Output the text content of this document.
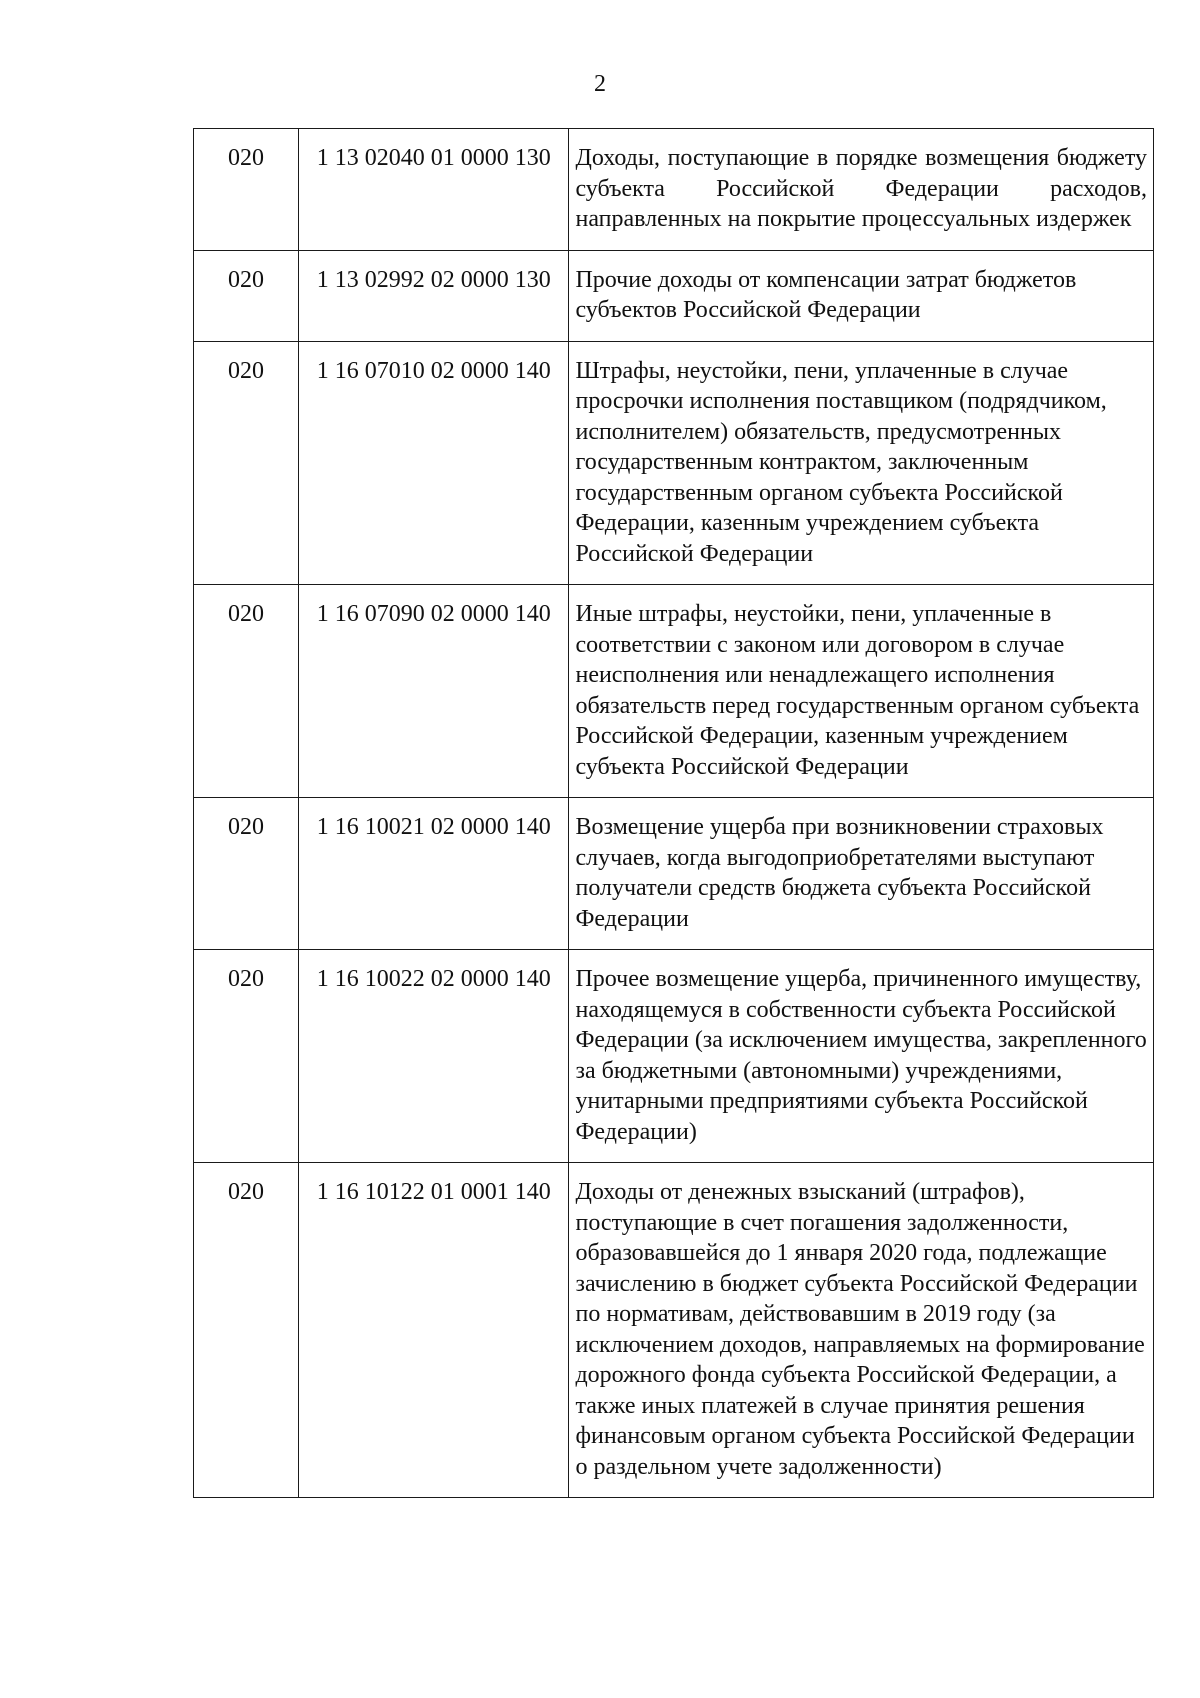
2
020	1 13 02040 01 0000 130	Доходы, поступающие в порядке возмещения бюджету субъекта Российской Федерации расходов, направленных на покрытие процессуальных издержек
020	1 13 02992 02 0000 130	Прочие доходы от компенсации затрат бюджетов субъектов Российской Федерации
020	1 16 07010 02 0000 140	Штрафы, неустойки, пени, уплаченные в случае просрочки исполнения поставщиком (подрядчиком, исполнителем) обязательств, предусмотренных государственным контрактом, заключенным государственным органом субъекта Российской Федерации, казенным учреждением субъекта Российской Федерации
020	1 16 07090 02 0000 140	Иные штрафы, неустойки, пени, уплаченные в соответствии с законом или договором в случае неисполнения или ненадлежащего исполнения обязательств перед государственным органом субъекта Российской Федерации, казенным учреждением субъекта Российской Федерации
020	1 16 10021 02 0000 140	Возмещение ущерба при возникновении страховых случаев, когда выгодоприобретателями выступают получатели средств бюджета субъекта Российской Федерации
020	1 16 10022 02 0000 140	Прочее возмещение ущерба, причиненного имуществу, находящемуся в собственности субъекта Российской Федерации (за исключением имущества, закрепленного за бюджетными (автономными) учреждениями, унитарными предприятиями субъекта Российской Федерации)
020	1 16 10122 01 0001 140	Доходы от денежных взысканий (штрафов), поступающие в счет погашения задолженности, образовавшейся до 1 января 2020 года, подлежащие зачислению в бюджет субъекта Российской Федерации по нормативам, действовавшим в 2019 году (за исключением доходов, направляемых на формирование дорожного фонда субъекта Российской Федерации, а также иных платежей в случае принятия решения финансовым органом субъекта Российской Федерации о раздельном учете задолженности)
